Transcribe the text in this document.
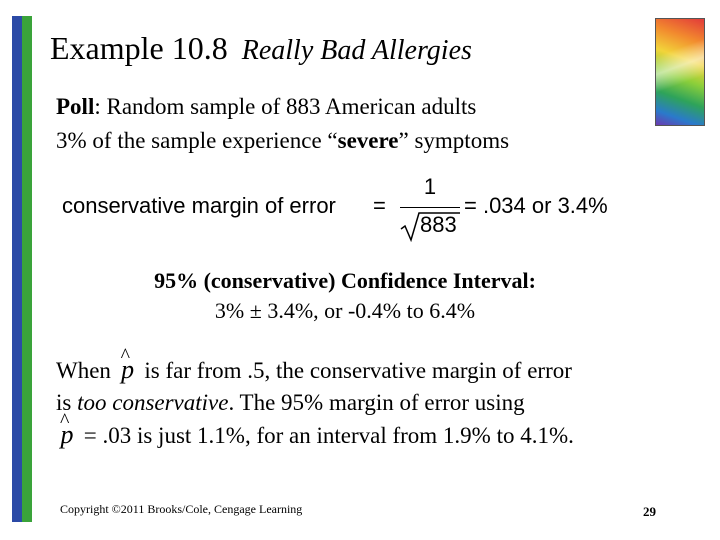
Example 10.8 Really Bad Allergies
Poll: Random sample of 883 American adults
3% of the sample experience “severe” symptoms
conservative margin of error =
1
883
= .034 or 3.4%
95% (conservative) Confidence Interval:
3% ± 3.4%, or -0.4% to 6.4%
When ^ p is far from .5, the conservative margin of error
is too conservative. The 95% margin of error using
^ p = .03 is just 1.1%, for an interval from 1.9% to 4.1%.
Copyright ©2011 Brooks/Cole, Cengage Learning	29
